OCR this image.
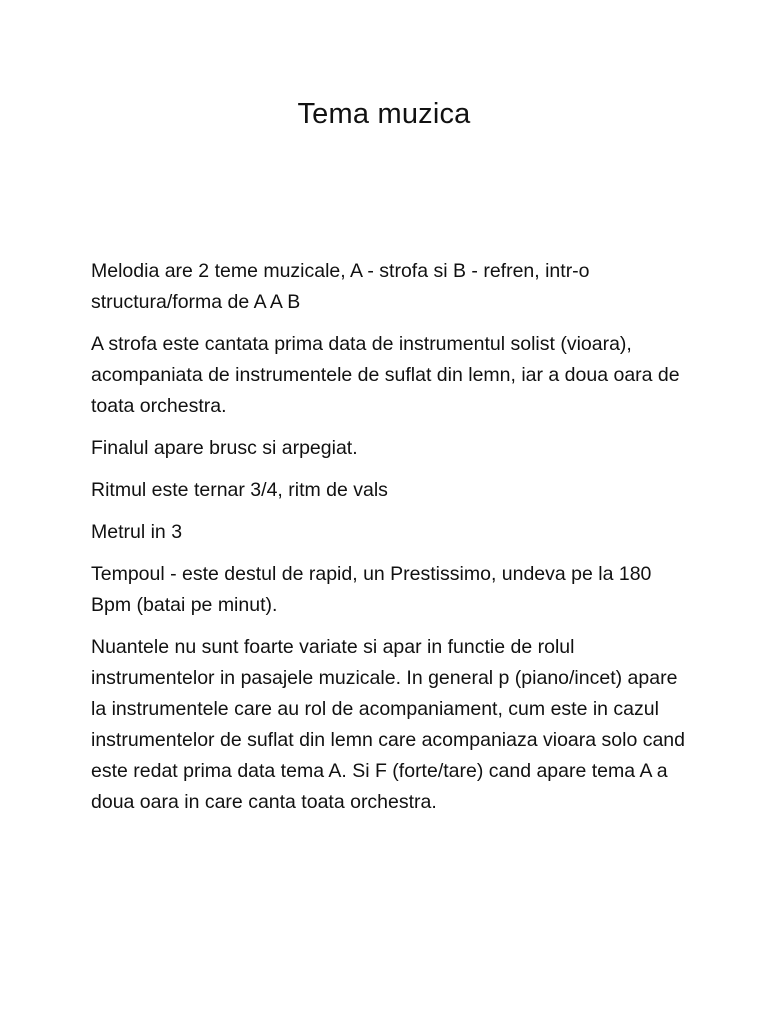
Tema muzica

Melodia are 2 teme muzicale, A - strofa si B - refren, intr-o structura/forma de A A B

A strofa este cantata prima data de instrumentul solist (vioara), acompaniata de instrumentele de suflat din lemn, iar a doua oara de toata orchestra.

Finalul apare brusc si arpegiat.

Ritmul este ternar 3/4, ritm de vals

Metrul in 3

Tempoul - este destul de rapid, un Prestissimo, undeva pe la 180 Bpm (batai pe minut).

Nuantele nu sunt foarte variate si apar in functie de rolul instrumentelor in pasajele muzicale. In general p (piano/incet) apare la instrumentele care au rol de acompaniament, cum este in cazul instrumentelor de suflat din lemn care acompaniaza vioara solo cand este redat prima data tema A. Si F (forte/tare) cand apare tema A a doua oara in care canta toata orchestra.
